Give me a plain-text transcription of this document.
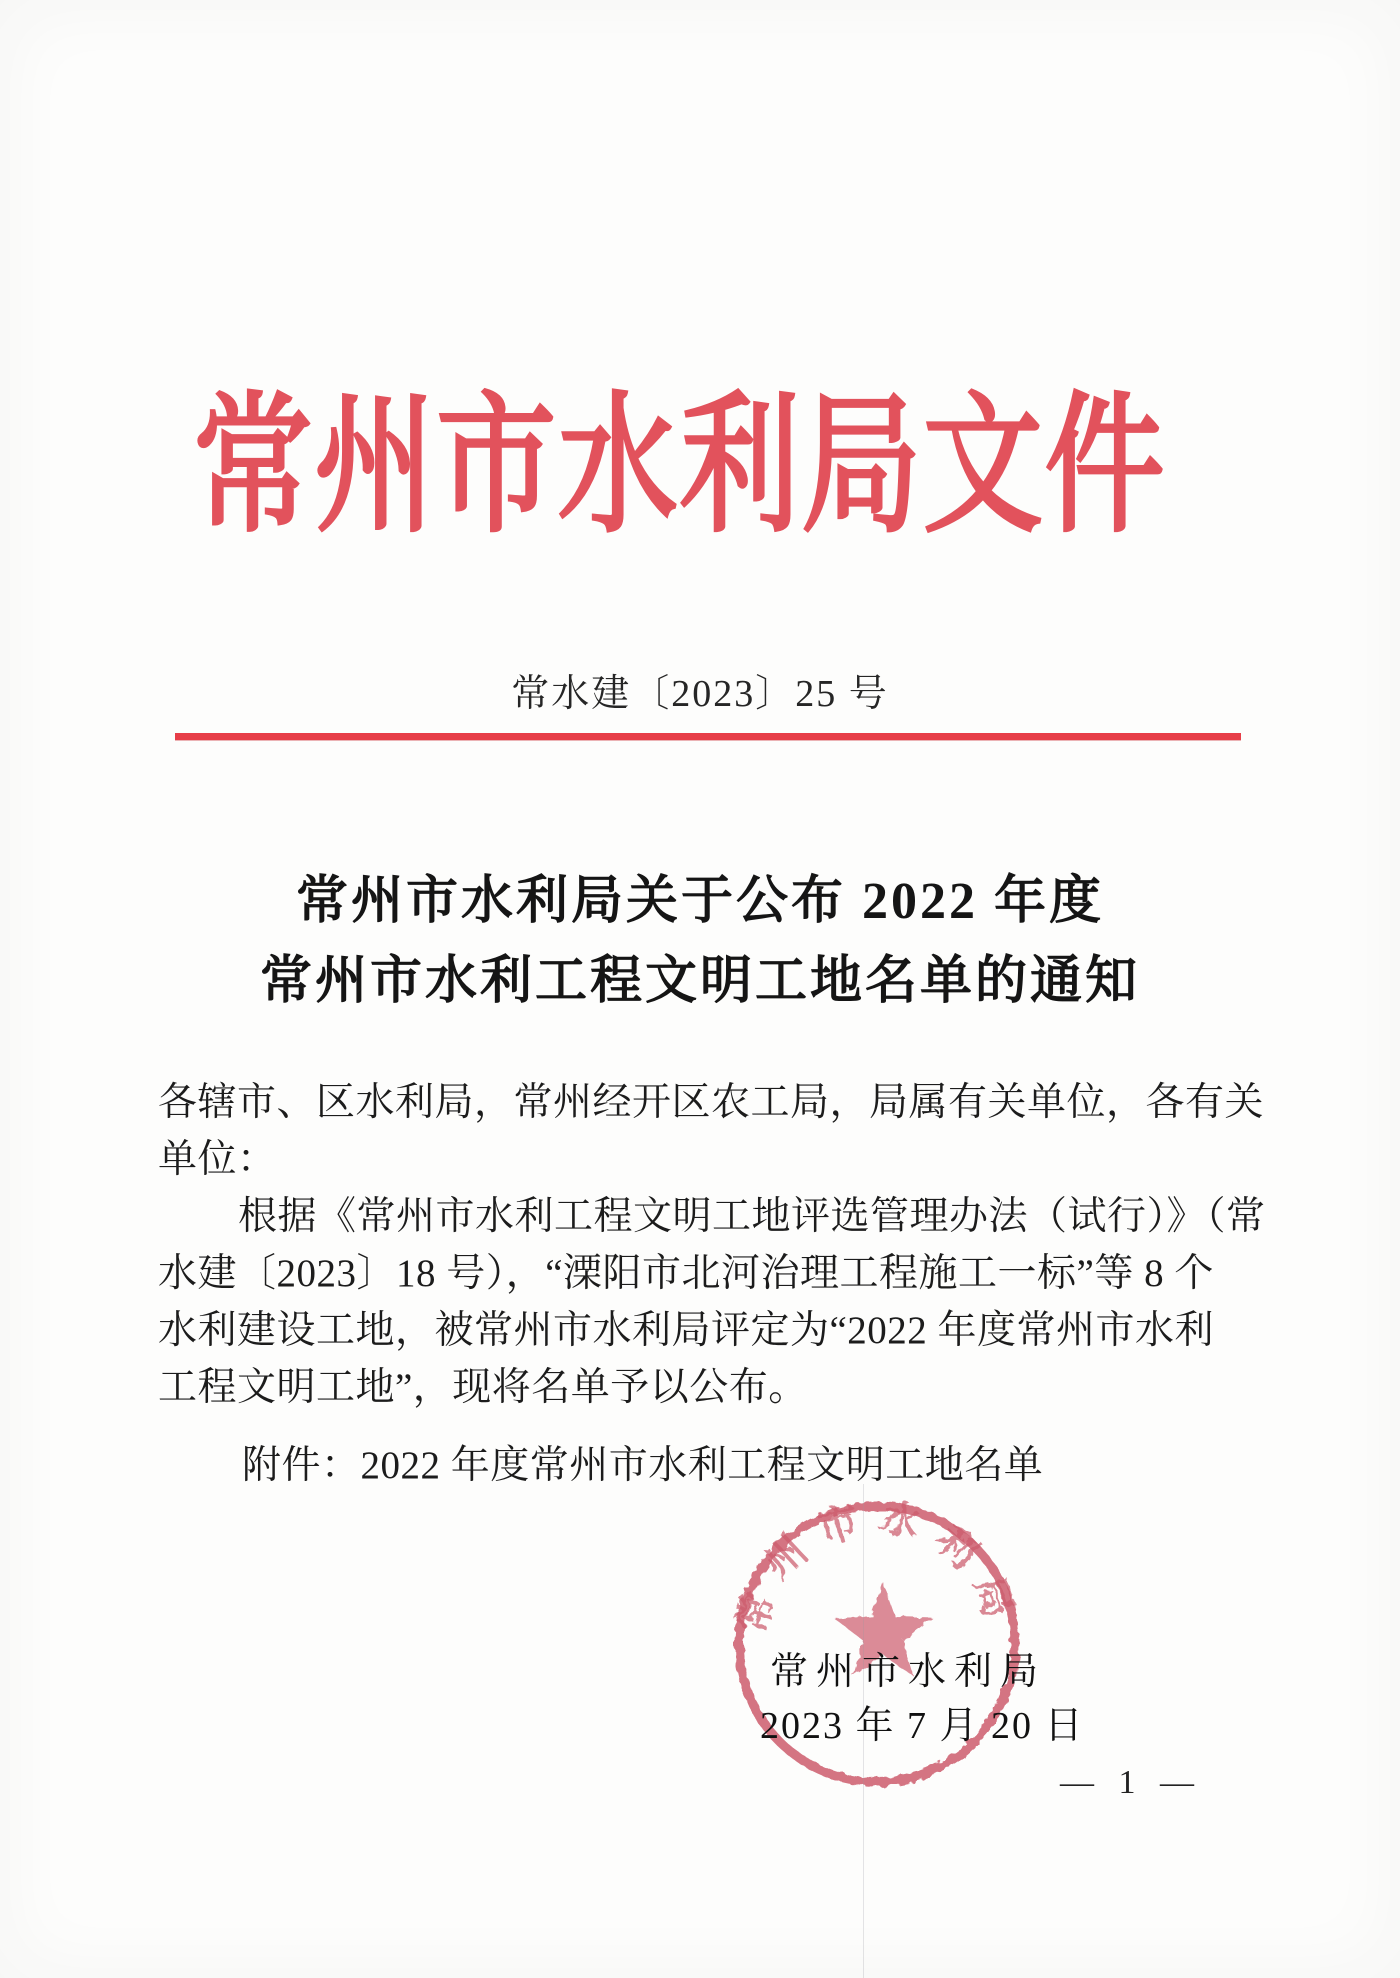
常州市水利局文件
常水建〔2023〕25 号
常州市水利局关于公布 2022 年度
常州市水利工程文明工地名单的通知
各辖市、区水利局，常州经开区农工局，局属有关单位，各有关
单位：
根据《常州市水利工程文明工地评选管理办法（试行）》（常
水建〔2023〕18 号），“溧阳市北河治理工程施工一标”等 8 个
水利建设工地，被常州市水利局评定为“2022 年度常州市水利
工程文明工地”，现将名单予以公布。
附件：2022 年度常州市水利工程文明工地名单
常州市水利局
常州市水利局
2023 年 7 月 20 日
— 1 —
